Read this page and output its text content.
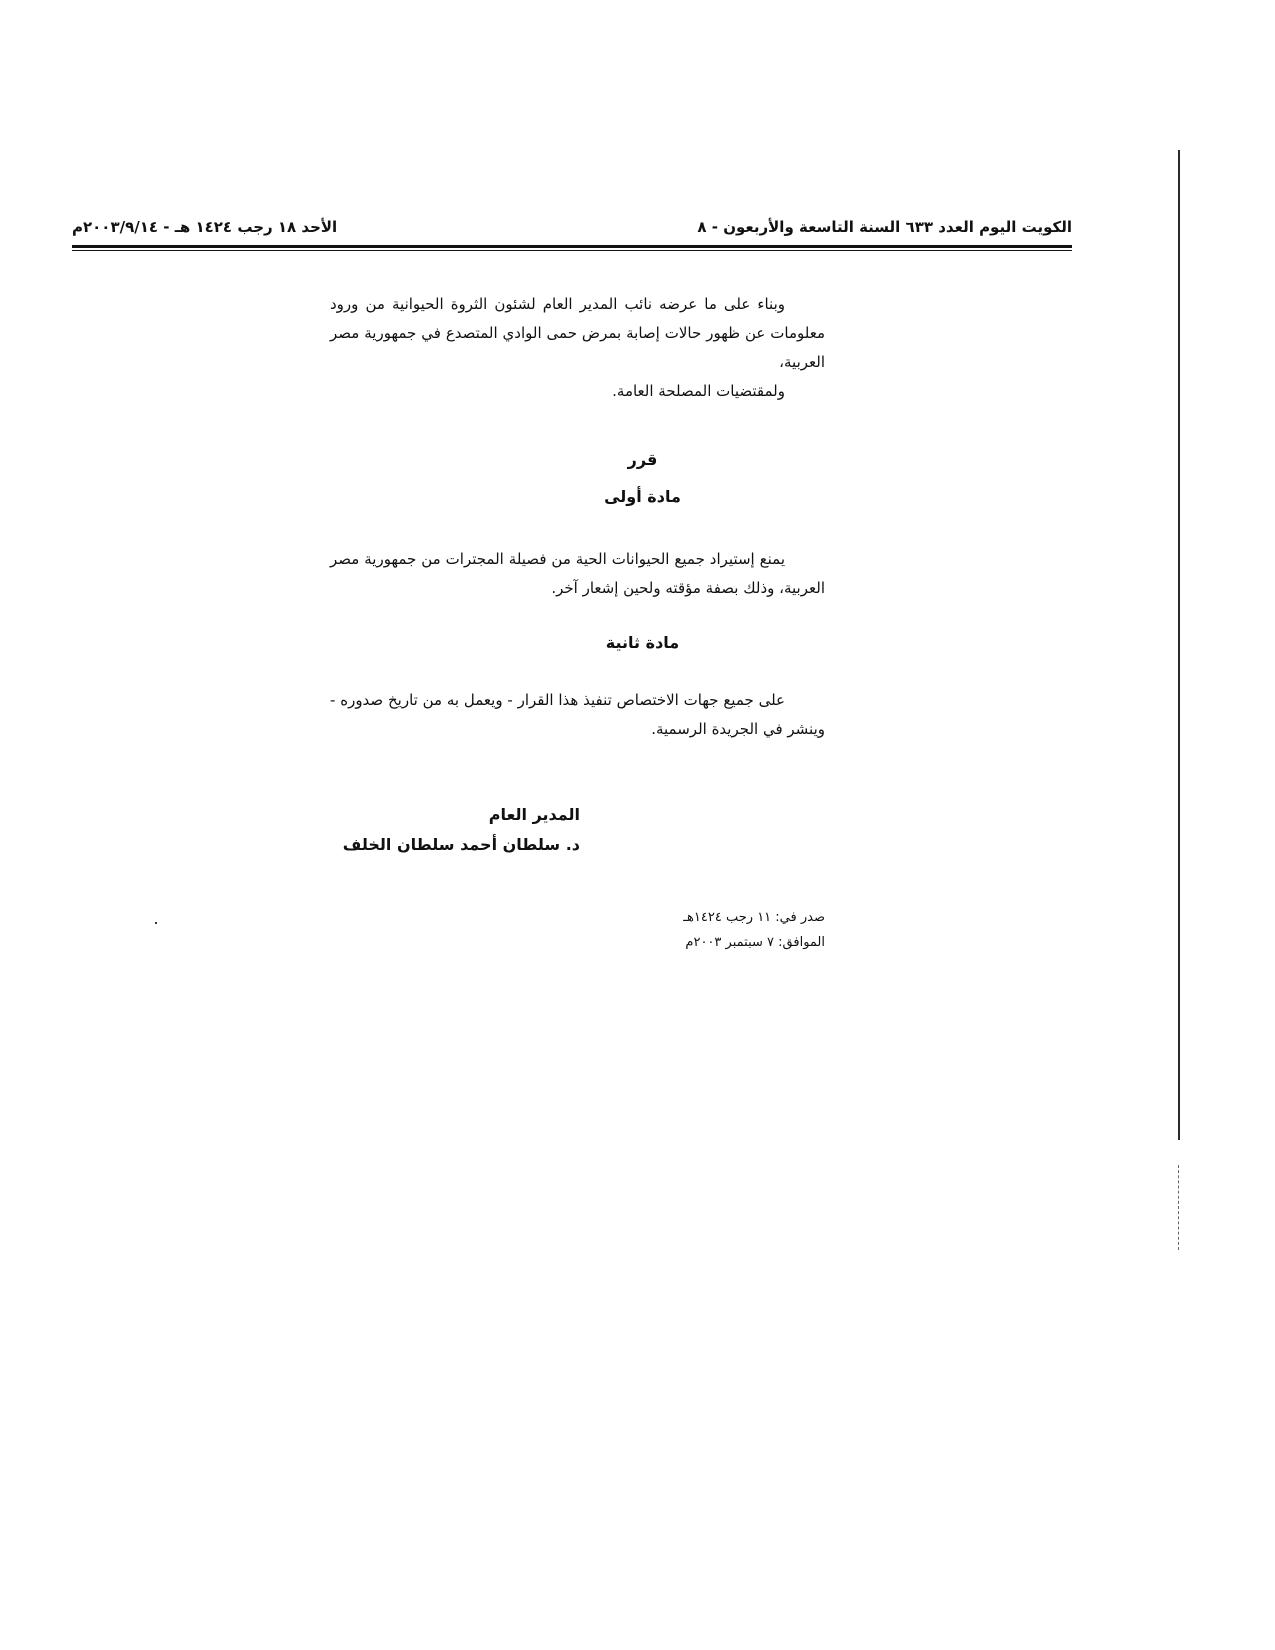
الكويت اليوم العدد ٦٣٣ السنة التاسعة والأربعون - ٨
الأحد ١٨ رجب ١٤٢٤ هـ - ٢٠٠٣/٩/١٤م

وبناء على ما عرضه نائب المدير العام لشئون الثروة الحيوانية من ورود معلومات عن ظهور حالات إصابة بمرض حمى الوادي المتصدع في جمهورية مصر العربية،

ولمقتضيات المصلحة العامة.

قرر
مادة أولى
يمنع إستيراد جميع الحيوانات الحية من فصيلة المجترات من جمهورية مصر العربية، وذلك بصفة مؤقته ولحين إشعار آخر.
مادة ثانية
على جميع جهات الاختصاص تنفيذ هذا القرار - ويعمل به من تاريخ صدوره - وينشر في الجريدة الرسمية.
المدير العام
د. سلطان أحمد سلطان الخلف
صدر في: ١١ رجب ١٤٢٤هـ
الموافق: ٧ سبتمبر ٢٠٠٣م
